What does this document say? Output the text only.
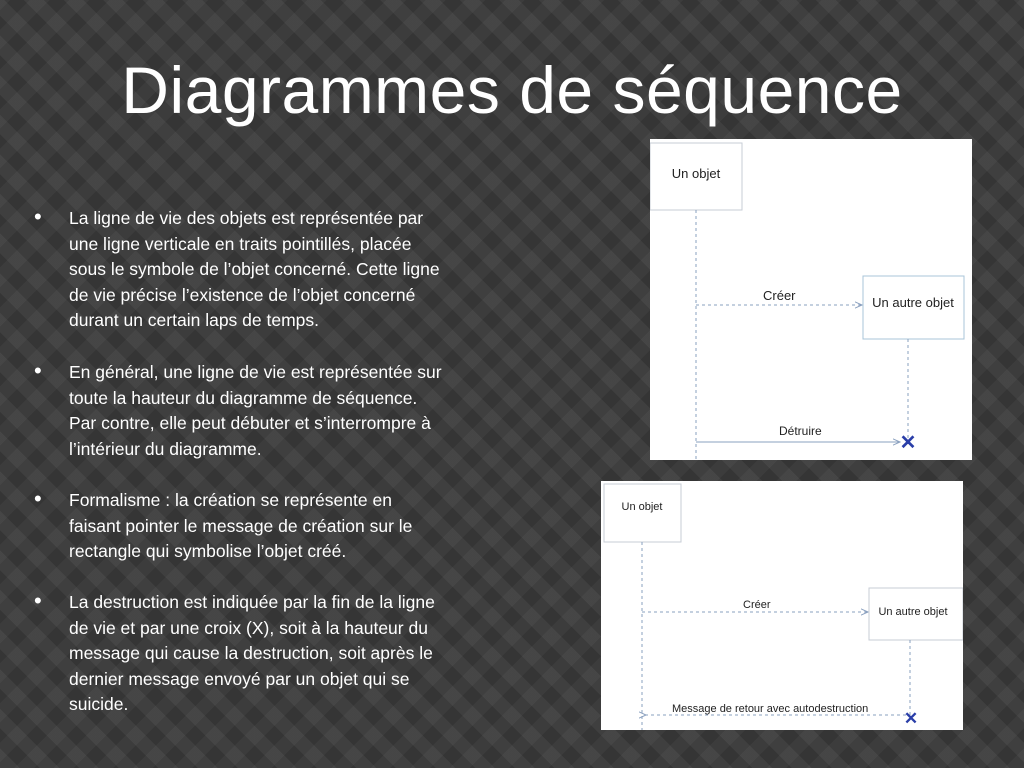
Diagrammes de séquence
• La ligne de vie des objets est représentée par
une ligne verticale en traits pointillés, placée
sous le symbole de l’objet concerné. Cette ligne
de vie précise l’existence de l’objet concerné
durant un certain laps de temps.
• En général, une ligne de vie est représentée sur
toute la hauteur du diagramme de séquence.
Par contre, elle peut débuter et s’interrompre à
l’intérieur du diagramme.
• Formalisme : la création se représente en
faisant pointer le message de création sur le
rectangle qui symbolise l’objet créé.
• La destruction est indiquée par la fin de la ligne
de vie et par une croix (X), soit à la hauteur du
message qui cause la destruction, soit après le
dernier message envoyé par un objet qui se
suicide.
Un objet
Créer	Un autre objet
Détruire
✕
Un objet
Créer
Un autre objet
Message de retour avec autodestruction ✕
